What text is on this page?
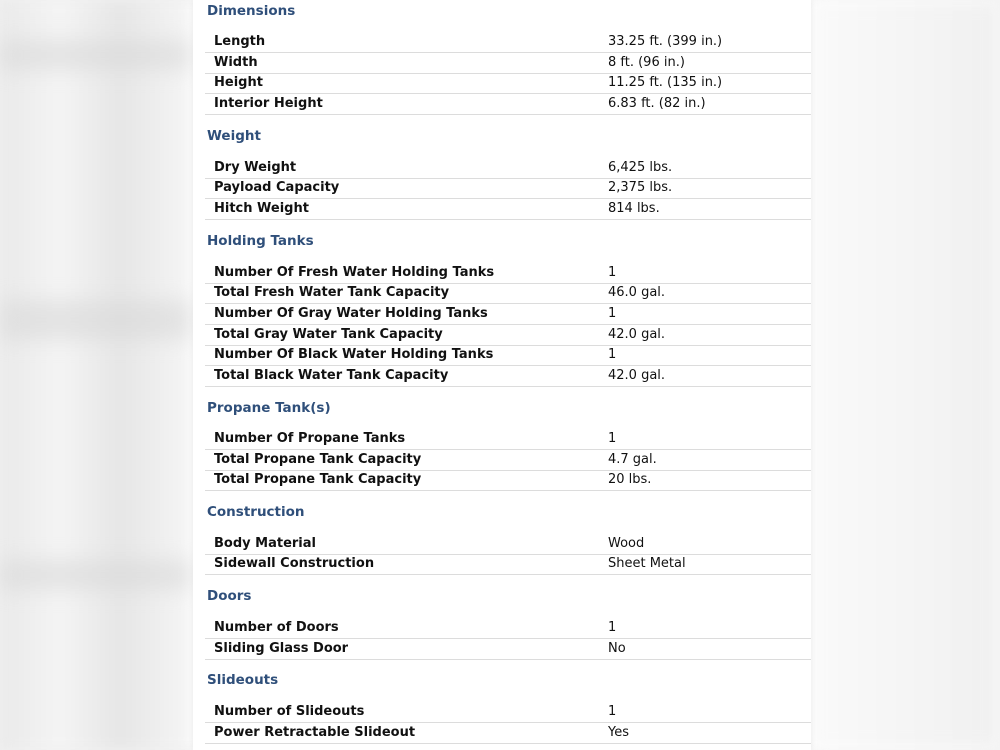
Dimensions
Length	33.25 ft. (399 in.)
Width	8 ft. (96 in.)
Height	11.25 ft. (135 in.)
Interior Height	6.83 ft. (82 in.)
Weight
Dry Weight	6,425 lbs.
Payload Capacity	2,375 lbs.
Hitch Weight	814 lbs.
Holding Tanks
Number Of Fresh Water Holding Tanks	1
Total Fresh Water Tank Capacity	46.0 gal.
Number Of Gray Water Holding Tanks	1
Total Gray Water Tank Capacity	42.0 gal.
Number Of Black Water Holding Tanks	1
Total Black Water Tank Capacity	42.0 gal.
Propane Tank(s)
Number Of Propane Tanks	1
Total Propane Tank Capacity	4.7 gal.
Total Propane Tank Capacity	20 lbs.
Construction
Body Material	Wood
Sidewall Construction	Sheet Metal
Doors
Number of Doors	1
Sliding Glass Door	No
Slideouts
Number of Slideouts	1
Power Retractable Slideout	Yes
